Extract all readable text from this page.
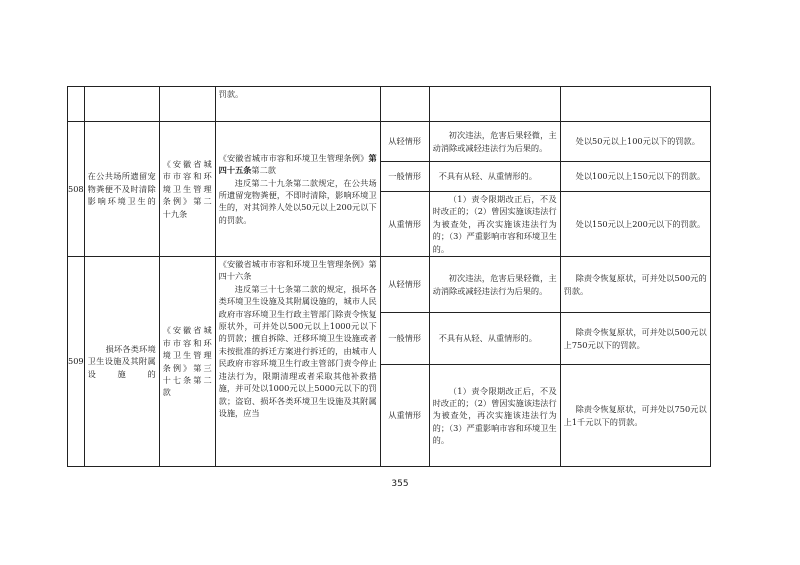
			罚款。			
508	在公共场所遗留宠物粪便不及时清除影响环境卫生的	《安徽省城市市容和环境卫生管理条例》第二十九条	《安徽省城市市容和环境卫生管理条例》第四十五条第二款
违反第二十九条第二款规定，在公共场所遗留宠物粪便，不即时清除，影响环境卫生的，对其饲养人处以50元以上200元以下的罚款。	从轻情形	初次违法，危害后果轻微，主动消除或减轻违法行为后果的。	处以50元以上100元以下的罚款。
				一般情形	不具有从轻、从重情形的。	处以100元以上150元以下的罚款。
				从重情形	（1）责令限期改正后，不及时改正的；（2）曾因实施该违法行为被查处，再次实施该违法行为的；（3）严重影响市容和环境卫生的。	处以150元以上200元以下的罚款。
509	损坏各类环境卫生设施及其附属设施的	《安徽省城市市容和环境卫生管理条例》第三十七条第二款	《安徽省城市市容和环境卫生管理条例》第四十六条
违反第三十七条第二款的规定，损坏各类环境卫生设施及其附属设施的，城市人民政府市容环境卫生行政主管部门除责令恢复原状外，可并处以500元以上1000元以下的罚款；擅自拆除、迁移环境卫生设施或者未按批准的拆迁方案进行拆迁的，由城市人民政府市容环境卫生行政主管部门责令停止违法行为，限期清理或者采取其他补救措施，并可处以1000元以上5000元以下的罚款；盗窃、损坏各类环境卫生设施及其附属设施，应当	从轻情形	初次违法，危害后果轻微，主动消除或减轻违法行为后果的。	除责令恢复原状，可并处以500元的罚款。
				一般情形	不具有从轻、从重情形的。	除责令恢复原状，可并处以500元以上750元以下的罚款。
				从重情形	（1）责令限期改正后，不及时改正的；（2）曾因实施该违法行为被查处，再次实施该违法行为的；（3）严重影响市容和环境卫生的。	除责令恢复原状，可并处以750元以上1千元以下的罚款。
355
